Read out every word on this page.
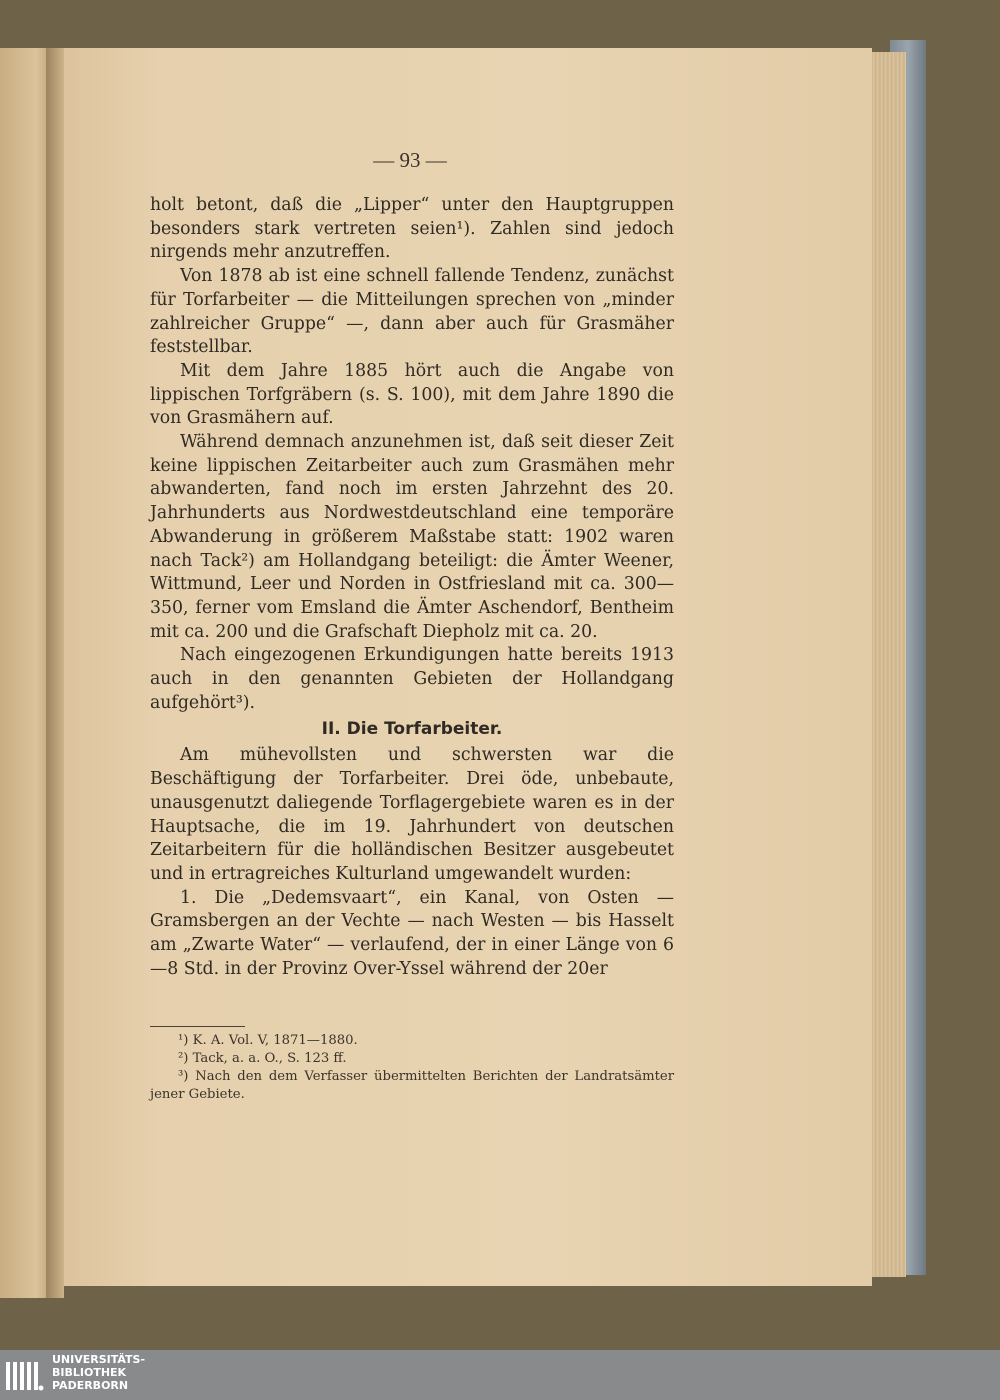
— 93 —

holt betont, daß die „Lipper“ unter den Hauptgruppen besonders stark vertreten seien¹). Zahlen sind jedoch nirgends mehr anzutreffen.

Von 1878 ab ist eine schnell fallende Tendenz, zunächst für Torfarbeiter — die Mitteilungen sprechen von „minder zahlreicher Gruppe“ —, dann aber auch für Grasmäher feststellbar.

Mit dem Jahre 1885 hört auch die Angabe von lippischen Torfgräbern (s. S. 100), mit dem Jahre 1890 die von Grasmähern auf.

Während demnach anzunehmen ist, daß seit dieser Zeit keine lippischen Zeitarbeiter auch zum Grasmähen mehr abwanderten, fand noch im ersten Jahrzehnt des 20. Jahrhunderts aus Nordwestdeutschland eine temporäre Abwanderung in größerem Maßstabe statt: 1902 waren nach Tack²) am Hollandgang beteiligt: die Ämter Weener, Wittmund, Leer und Norden in Ostfriesland mit ca. 300—350, ferner vom Emsland die Ämter Aschendorf, Bentheim mit ca. 200 und die Grafschaft Diepholz mit ca. 20.

Nach eingezogenen Erkundigungen hatte bereits 1913 auch in den genannten Gebieten der Hollandgang aufgehört³).

II. Die Torfarbeiter.

Am mühevollsten und schwersten war die Beschäftigung der Torfarbeiter. Drei öde, unbebaute, unausgenutzt daliegende Torflagergebiete waren es in der Hauptsache, die im 19. Jahrhundert von deutschen Zeitarbeitern für die holländischen Besitzer ausgebeutet und in ertragreiches Kulturland umgewandelt wurden:

1. Die „Dedemsvaart“, ein Kanal, von Osten — Gramsbergen an der Vechte — nach Westen — bis Hasselt am „Zwarte Water“ — verlaufend, der in einer Länge von 6—8 Std. in der Provinz Over-Yssel während der 20er

¹) K. A. Vol. V, 1871—1880.
²) Tack, a. a. O., S. 123 ff.
³) Nach den dem Verfasser übermittelten Berichten der Landratsämter jener Gebiete.
UNIVERSITÄTS-
BIBLIOTHEK
PADERBORN
